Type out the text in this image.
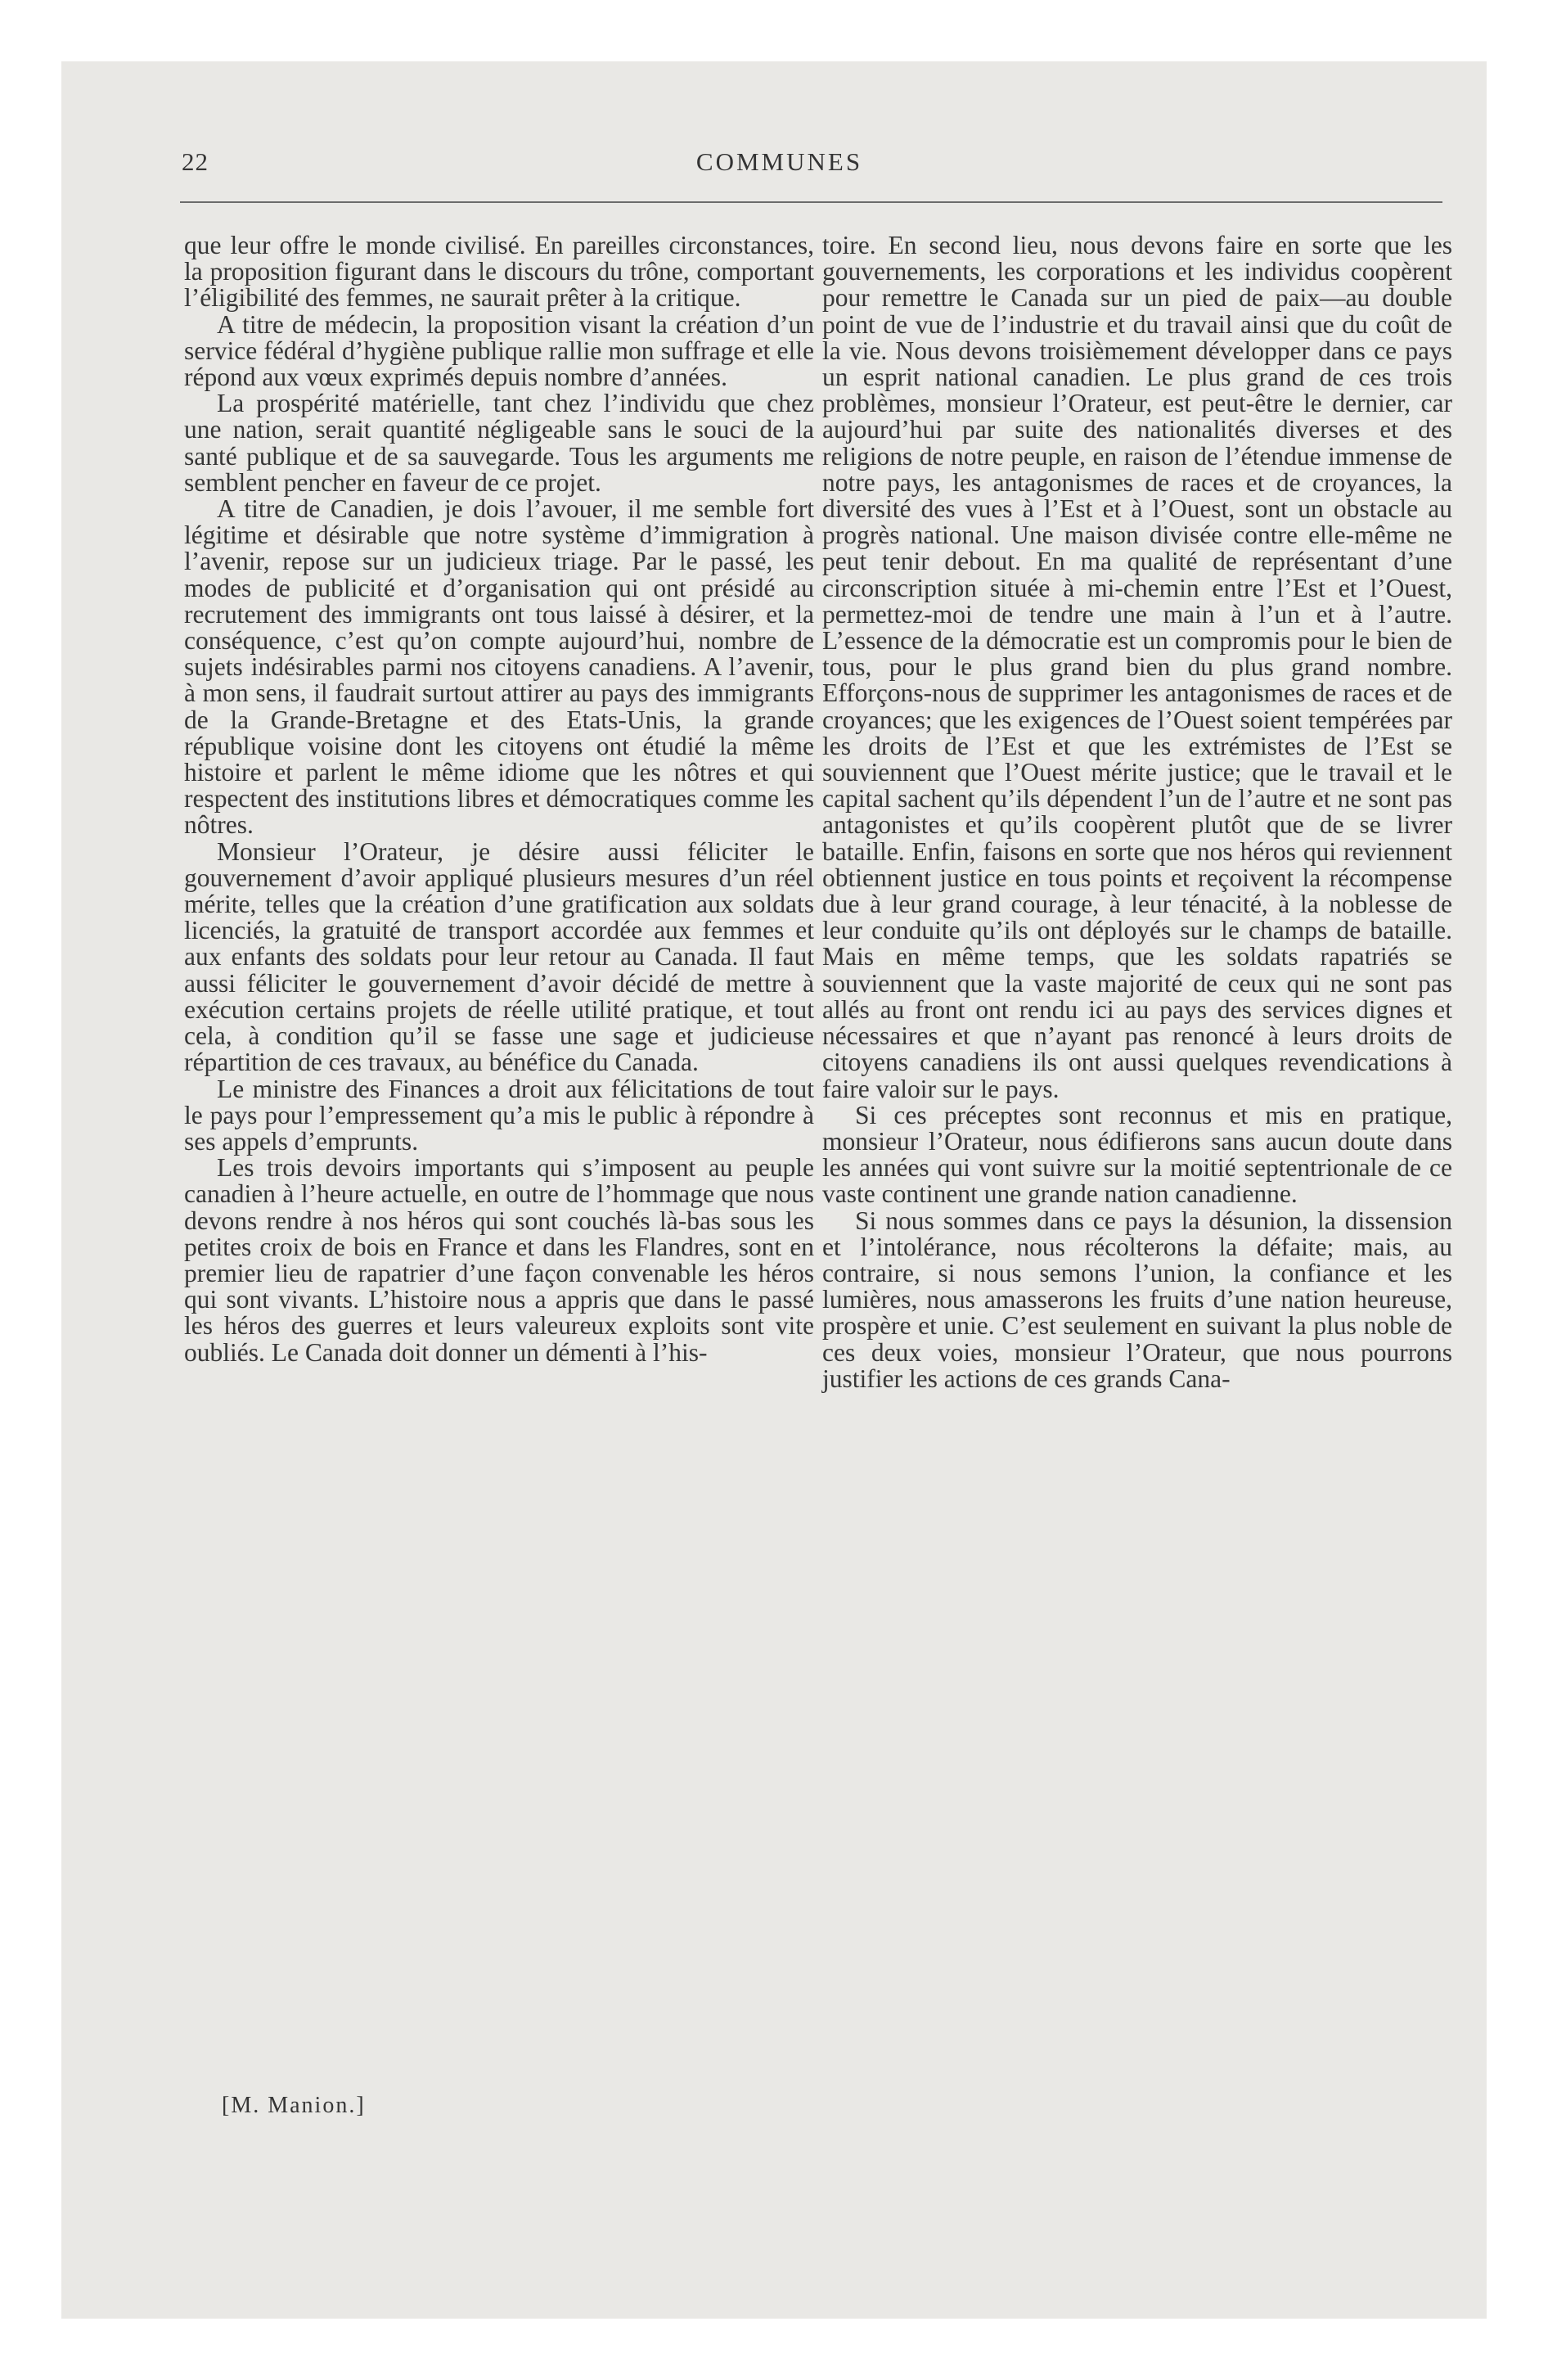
22	COMMUNES

que leur offre le monde civilisé. En pareilles circonstances, la proposition figurant dans le discours du trône, comportant l’éligibilité des femmes, ne saurait prêter à la critique.

A titre de médecin, la proposition visant la création d’un service fédéral d’hygiène publique rallie mon suffrage et elle répond aux vœux exprimés depuis nombre d’années.

La prospérité matérielle, tant chez l’individu que chez une nation, serait quantité négligeable sans le souci de la santé publique et de sa sauvegarde. Tous les arguments me semblent pencher en faveur de ce projet.

A titre de Canadien, je dois l’avouer, il me semble fort légitime et désirable que notre système d’immigration à l’avenir, repose sur un judicieux triage. Par le passé, les modes de publicité et d’organisation qui ont présidé au recrutement des immigrants ont tous laissé à désirer, et la conséquence, c’est qu’on compte aujourd’hui, nombre de sujets indésirables parmi nos citoyens canadiens. A l’avenir, à mon sens, il faudrait surtout attirer au pays des immigrants de la Grande-Bretagne et des Etats-Unis, la grande république voisine dont les citoyens ont étudié la même histoire et parlent le même idiome que les nôtres et qui respectent des institutions libres et démocratiques comme les nôtres.

Monsieur l’Orateur, je désire aussi féliciter le gouvernement d’avoir appliqué plusieurs mesures d’un réel mérite, telles que la création d’une gratification aux soldats licenciés, la gratuité de transport accordée aux femmes et aux enfants des soldats pour leur retour au Canada. Il faut aussi féliciter le gouvernement d’avoir décidé de mettre à exécution certains projets de réelle utilité pratique, et tout cela, à condition qu’il se fasse une sage et judicieuse répartition de ces travaux, au bénéfice du Canada.

Le ministre des Finances a droit aux félicitations de tout le pays pour l’empressement qu’a mis le public à répondre à ses appels d’emprunts.

Les trois devoirs importants qui s’imposent au peuple canadien à l’heure actuelle, en outre de l’hommage que nous devons rendre à nos héros qui sont couchés là-bas sous les petites croix de bois en France et dans les Flandres, sont en premier lieu de rapatrier d’une façon convenable les héros qui sont vivants. L’histoire nous a appris que dans le passé les héros des guerres et leurs valeureux exploits sont vite oubliés. Le Canada doit donner un démenti à l’his-

toire. En second lieu, nous devons faire en sorte que les gouvernements, les corporations et les individus coopèrent pour remettre le Canada sur un pied de paix—au double point de vue de l’industrie et du travail ainsi que du coût de la vie. Nous devons troisièmement développer dans ce pays un esprit national canadien. Le plus grand de ces trois problèmes, monsieur l’Orateur, est peut-être le dernier, car aujourd’hui par suite des nationalités diverses et des religions de notre peuple, en raison de l’étendue immense de notre pays, les antagonismes de races et de croyances, la diversité des vues à l’Est et à l’Ouest, sont un obstacle au progrès national. Une maison divisée contre elle-même ne peut tenir debout. En ma qualité de représentant d’une circonscription située à mi-chemin entre l’Est et l’Ouest, permettez-moi de tendre une main à l’un et à l’autre. L’essence de la démocratie est un compromis pour le bien de tous, pour le plus grand bien du plus grand nombre. Efforçons-nous de supprimer les antagonismes de races et de croyances; que les exigences de l’Ouest soient tempérées par les droits de l’Est et que les extrémistes de l’Est se souviennent que l’Ouest mérite justice; que le travail et le capital sachent qu’ils dépendent l’un de l’autre et ne sont pas antagonistes et qu’ils coopèrent plutôt que de se livrer bataille. Enfin, faisons en sorte que nos héros qui reviennent obtiennent justice en tous points et reçoivent la récompense due à leur grand courage, à leur ténacité, à la noblesse de leur conduite qu’ils ont déployés sur le champs de bataille. Mais en même temps, que les soldats rapatriés se souviennent que la vaste majorité de ceux qui ne sont pas allés au front ont rendu ici au pays des services dignes et nécessaires et que n’ayant pas renoncé à leurs droits de citoyens canadiens ils ont aussi quelques revendications à faire valoir sur le pays.

Si ces préceptes sont reconnus et mis en pratique, monsieur l’Orateur, nous édifierons sans aucun doute dans les années qui vont suivre sur la moitié septentrionale de ce vaste continent une grande nation canadienne.

Si nous sommes dans ce pays la désunion, la dissension et l’intolérance, nous récolterons la défaite; mais, au contraire, si nous semons l’union, la confiance et les lumières, nous amasserons les fruits d’une nation heureuse, prospère et unie. C’est seulement en suivant la plus noble de ces deux voies, monsieur l’Orateur, que nous pourrons justifier les actions de ces grands Cana-

[M. Manion.]
